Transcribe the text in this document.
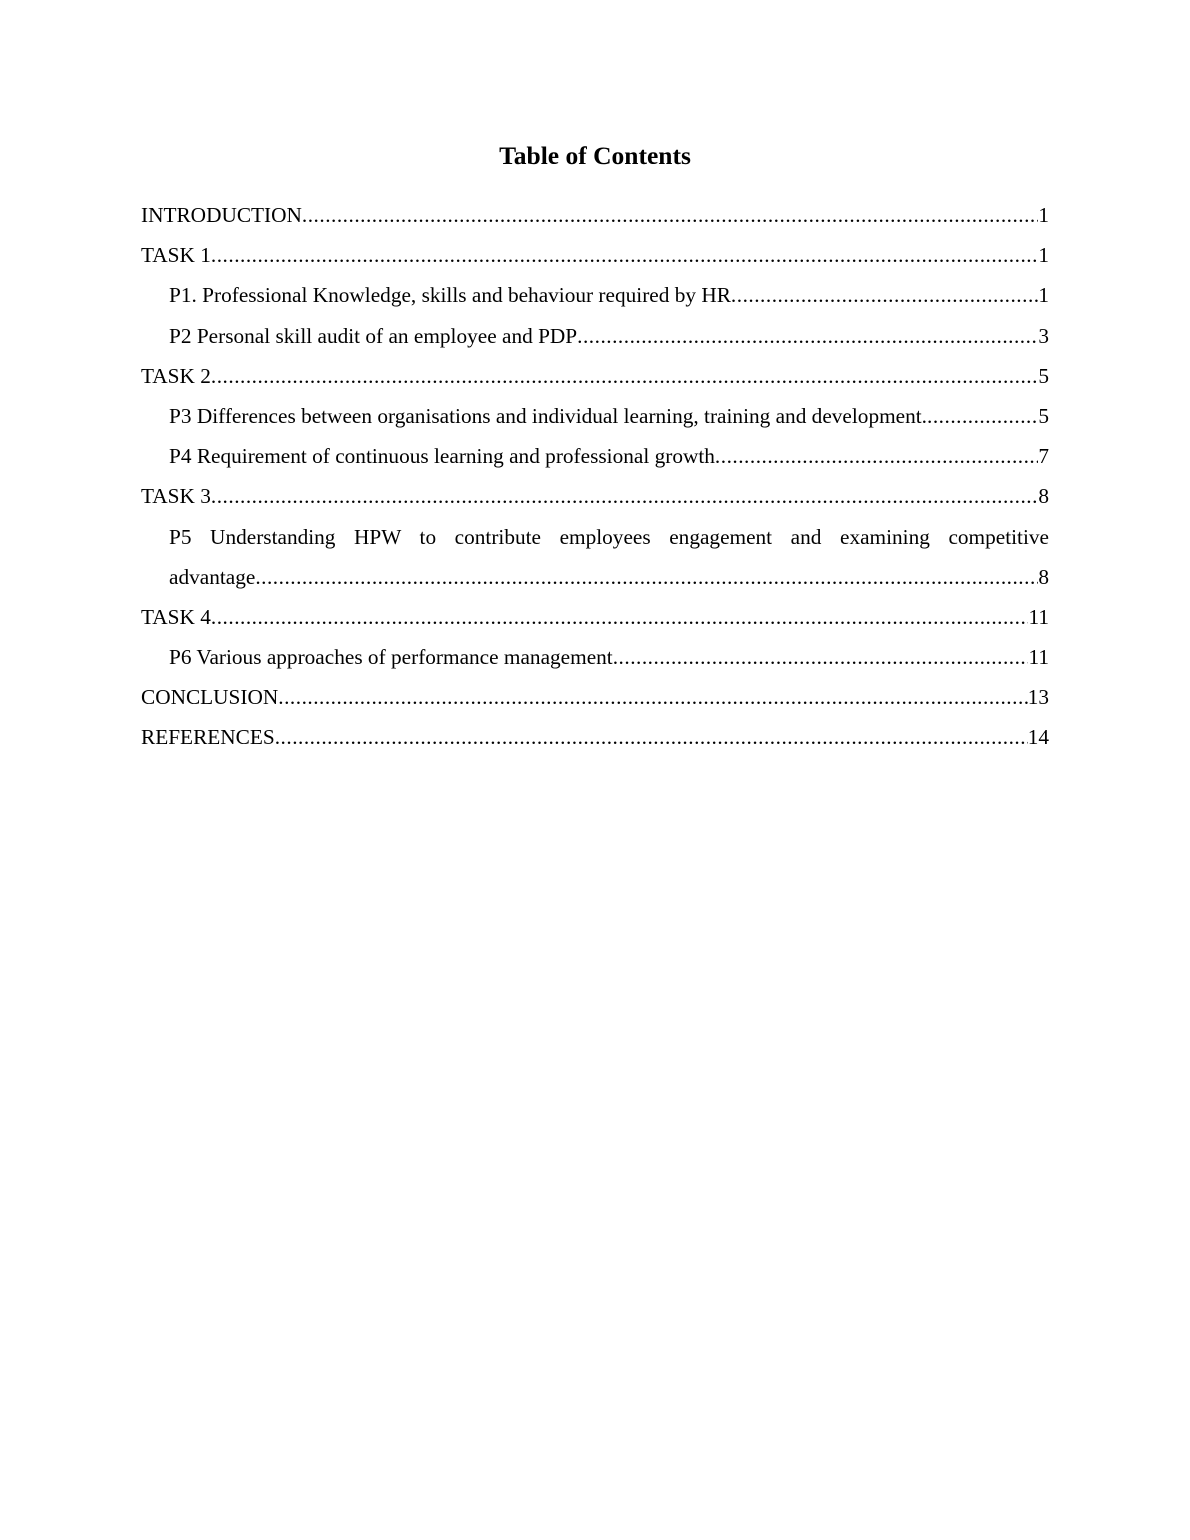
Table of Contents
INTRODUCTION .....	1
TASK 1 .....	1
P1. Professional Knowledge, skills and behaviour required by HR .....	1
P2 Personal skill audit of an employee and PDP .....	3
TASK 2 .....	5
P3 Differences between organisations and individual learning, training and development. .....	5
P4 Requirement of continuous learning and professional growth .....	7
TASK 3 .....	8
P5 Understanding HPW to contribute employees engagement and examining competitive
advantage .....	8
TASK 4 .....	11
P6 Various approaches of performance management .....	11
CONCLUSION .....	13
REFERENCES .....	14
